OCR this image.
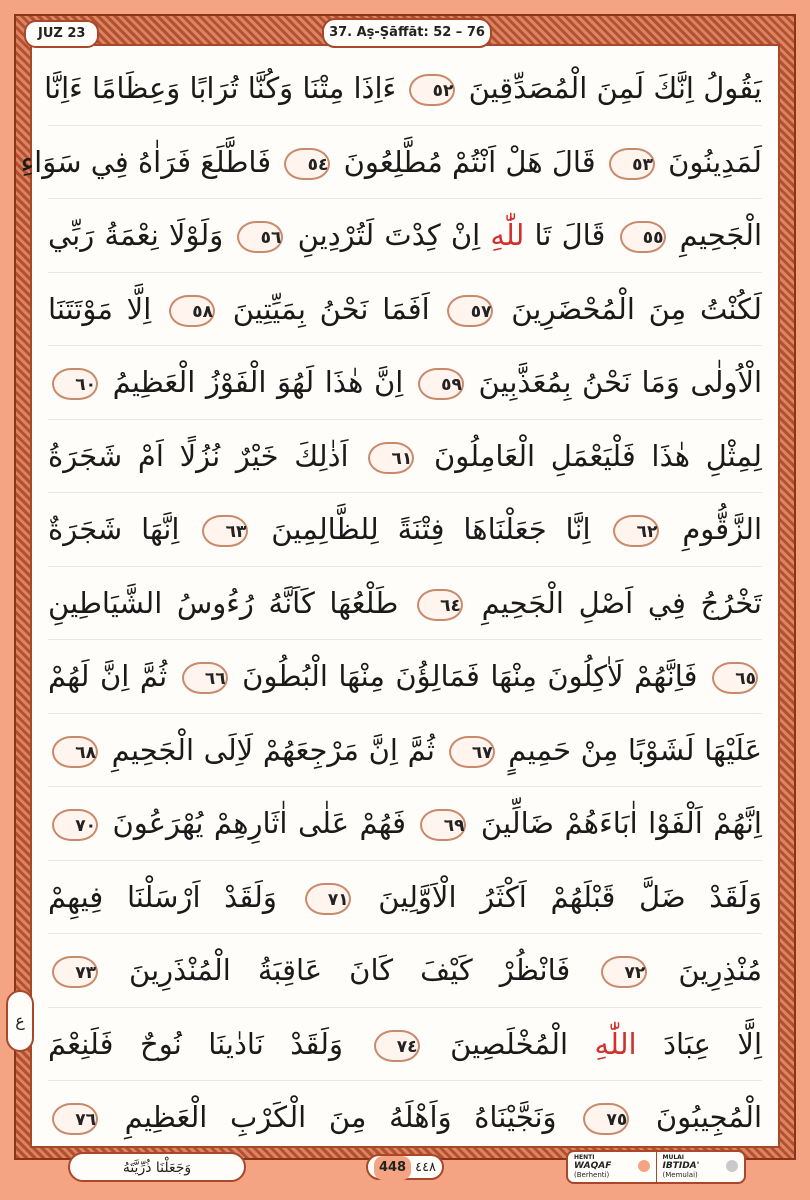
JUZ 23	37. Aṣ-Ṣāffāt: 52 – 76
يَقُولُ اِنَّكَ لَمِنَ الْمُصَدِّقِينَ ٥٢ ءَاِذَا مِتْنَا وَكُنَّا تُرَابًا وَعِظَامًا ءَاِنَّا
لَمَدِينُونَ ٥٣ قَالَ هَلْ اَنْتُمْ مُطَّلِعُونَ ٥٤ فَاطَّلَعَ فَرَاٰهُ فِي سَوَاءِ
الْجَحِيمِ ٥٥ قَالَ تَا للّٰهِ اِنْ كِدْتَ لَتُرْدِينِ ٥٦ وَلَوْلَا نِعْمَةُ رَبِّي
لَكُنْتُ مِنَ الْمُحْضَرِينَ ٥٧ اَفَمَا نَحْنُ بِمَيِّتِينَ ٥٨ اِلَّا مَوْتَتَنَا
الْاُولٰى وَمَا نَحْنُ بِمُعَذَّبِينَ ٥٩ اِنَّ هٰذَا لَهُوَ الْفَوْزُ الْعَظِيمُ ٦٠
لِمِثْلِ هٰذَا فَلْيَعْمَلِ الْعَامِلُونَ ٦١ اَذٰلِكَ خَيْرٌ نُزُلًا اَمْ شَجَرَةُ
الزَّقُّومِ ٦٢ اِنَّا جَعَلْنَاهَا فِتْنَةً لِلظَّالِمِينَ ٦٣ اِنَّهَا شَجَرَةٌ
تَخْرُجُ فِي اَصْلِ الْجَحِيمِ ٦٤ طَلْعُهَا كَاَنَّهُ رُءُوسُ الشَّيَاطِينِ
٦٥ فَاِنَّهُمْ لَاٰكِلُونَ مِنْهَا فَمَالِؤُنَ مِنْهَا الْبُطُونَ ٦٦ ثُمَّ اِنَّ لَهُمْ
عَلَيْهَا لَشَوْبًا مِنْ حَمِيمٍ ٦٧ ثُمَّ اِنَّ مَرْجِعَهُمْ لَاِلَى الْجَحِيمِ ٦٨
اِنَّهُمْ اَلْفَوْا اٰبَاءَهُمْ ضَالِّينَ ٦٩ فَهُمْ عَلٰى اٰثَارِهِمْ يُهْرَعُونَ ٧٠
وَلَقَدْ ضَلَّ قَبْلَهُمْ اَكْثَرُ الْاَوَّلِينَ ٧١ وَلَقَدْ اَرْسَلْنَا فِيهِمْ
مُنْذِرِينَ ٧٢ فَانْظُرْ كَيْفَ كَانَ عَاقِبَةُ الْمُنْذَرِينَ ٧٣
اِلَّا عِبَادَ اللّٰهِ الْمُخْلَصِينَ ٧٤ وَلَقَدْ نَادٰينَا نُوحٌ فَلَنِعْمَ
الْمُجِيبُونَ ٧٥ وَنَجَّيْنَاهُ وَاَهْلَهُ مِنَ الْكَرْبِ الْعَظِيمِ ٧٦
ع
وَجَعَلْنَا ذُرِّيَّتَهُ	448 ٤٤٨
HENTI
WAQAF
(Berhenti)
MULAI
IBTIDA'
(Memulai)
